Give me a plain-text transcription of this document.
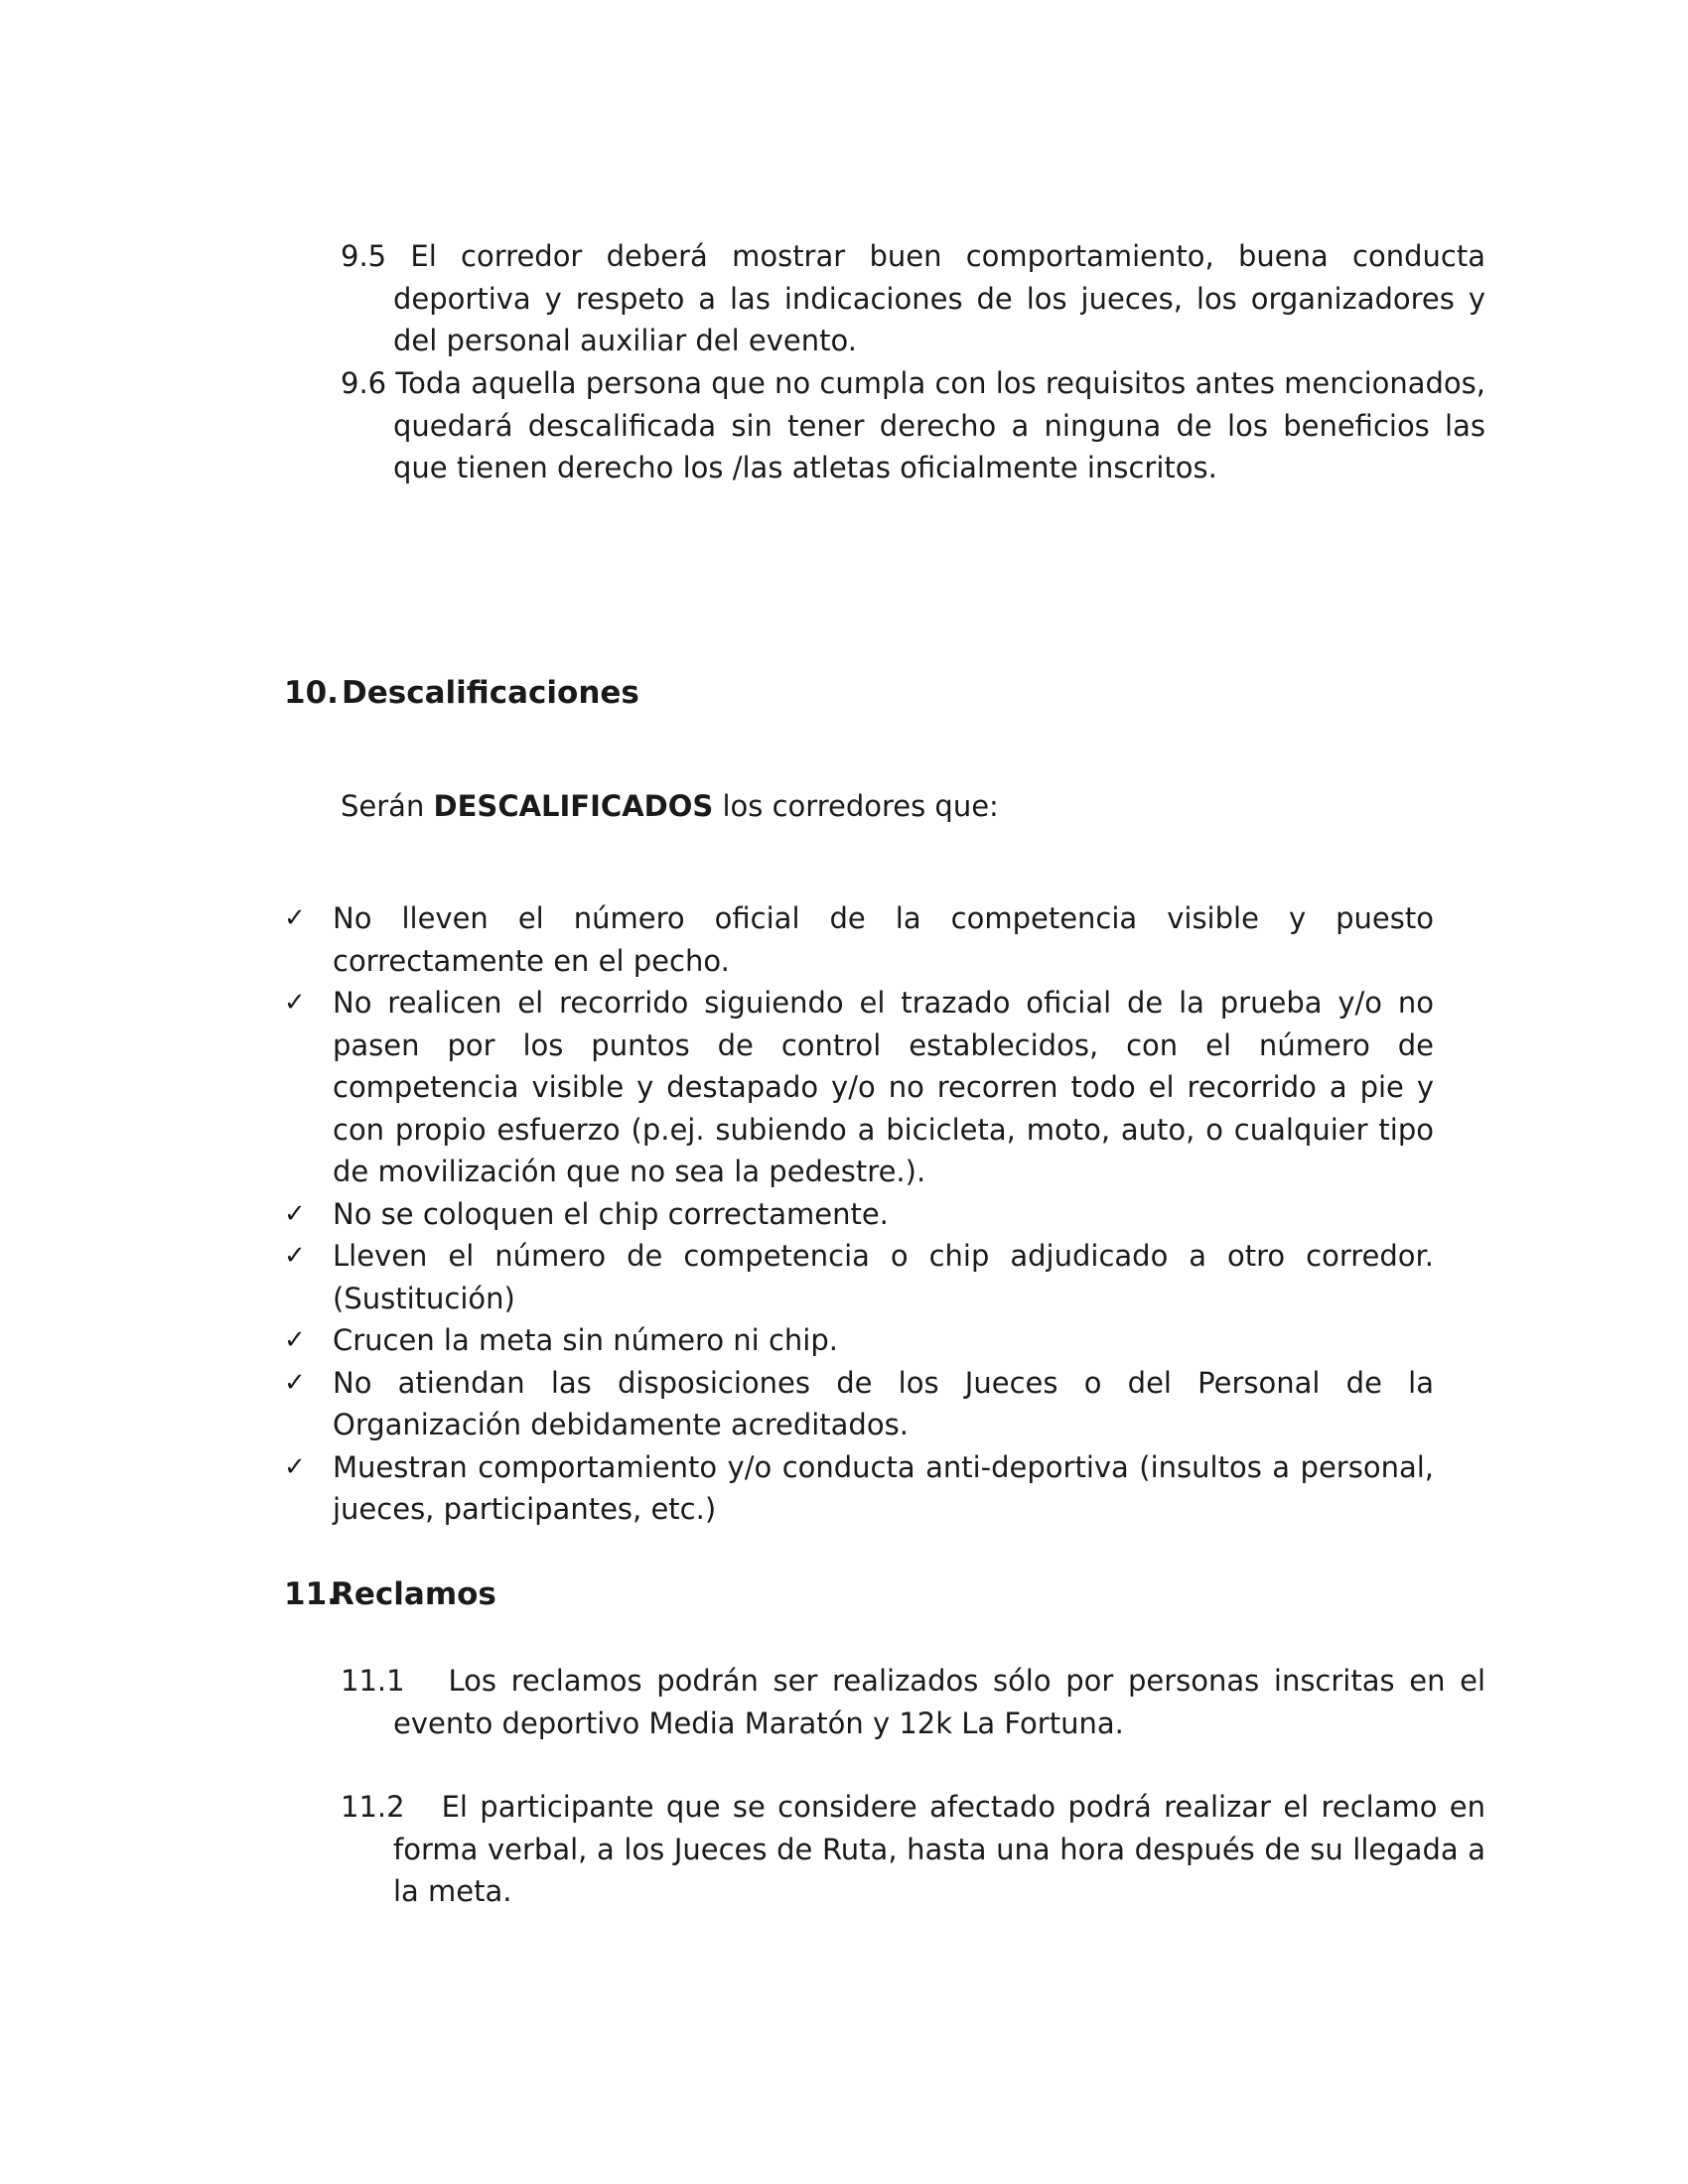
9.5 El corredor deberá mostrar buen comportamiento, buena conducta deportiva y respeto a las indicaciones de los jueces, los organizadores y del personal auxiliar del evento.
9.6 Toda aquella persona que no cumpla con los requisitos antes mencionados, quedará descalificada sin tener derecho a ninguna de los beneficios las que tienen derecho los /las atletas oficialmente inscritos.
10.Descalificaciones
Serán DESCALIFICADOS los corredores que:
✓ No lleven el número oficial de la competencia visible y puesto correctamente en el pecho.
✓ No realicen el recorrido siguiendo el trazado oficial de la prueba y/o no pasen por los puntos de control establecidos, con el número de competencia visible y destapado y/o no recorren todo el recorrido a pie y con propio esfuerzo (p.ej. subiendo a bicicleta, moto, auto, o cualquier tipo de movilización que no sea la pedestre.).
✓ No se coloquen el chip correctamente.
✓ Lleven el número de competencia o chip adjudicado a otro corredor. (Sustitución)
✓ Crucen la meta sin número ni chip.
✓ No atiendan las disposiciones de los Jueces o del Personal de la Organización debidamente acreditados.
✓ Muestran comportamiento y/o conducta anti-deportiva (insultos a personal, jueces, participantes, etc.)
11.Reclamos
11.1 Los reclamos podrán ser realizados sólo por personas inscritas en el evento deportivo Media Maratón y 12k La Fortuna.
11.2 El participante que se considere afectado podrá realizar el reclamo en forma verbal, a los Jueces de Ruta, hasta una hora después de su llegada a la meta.
